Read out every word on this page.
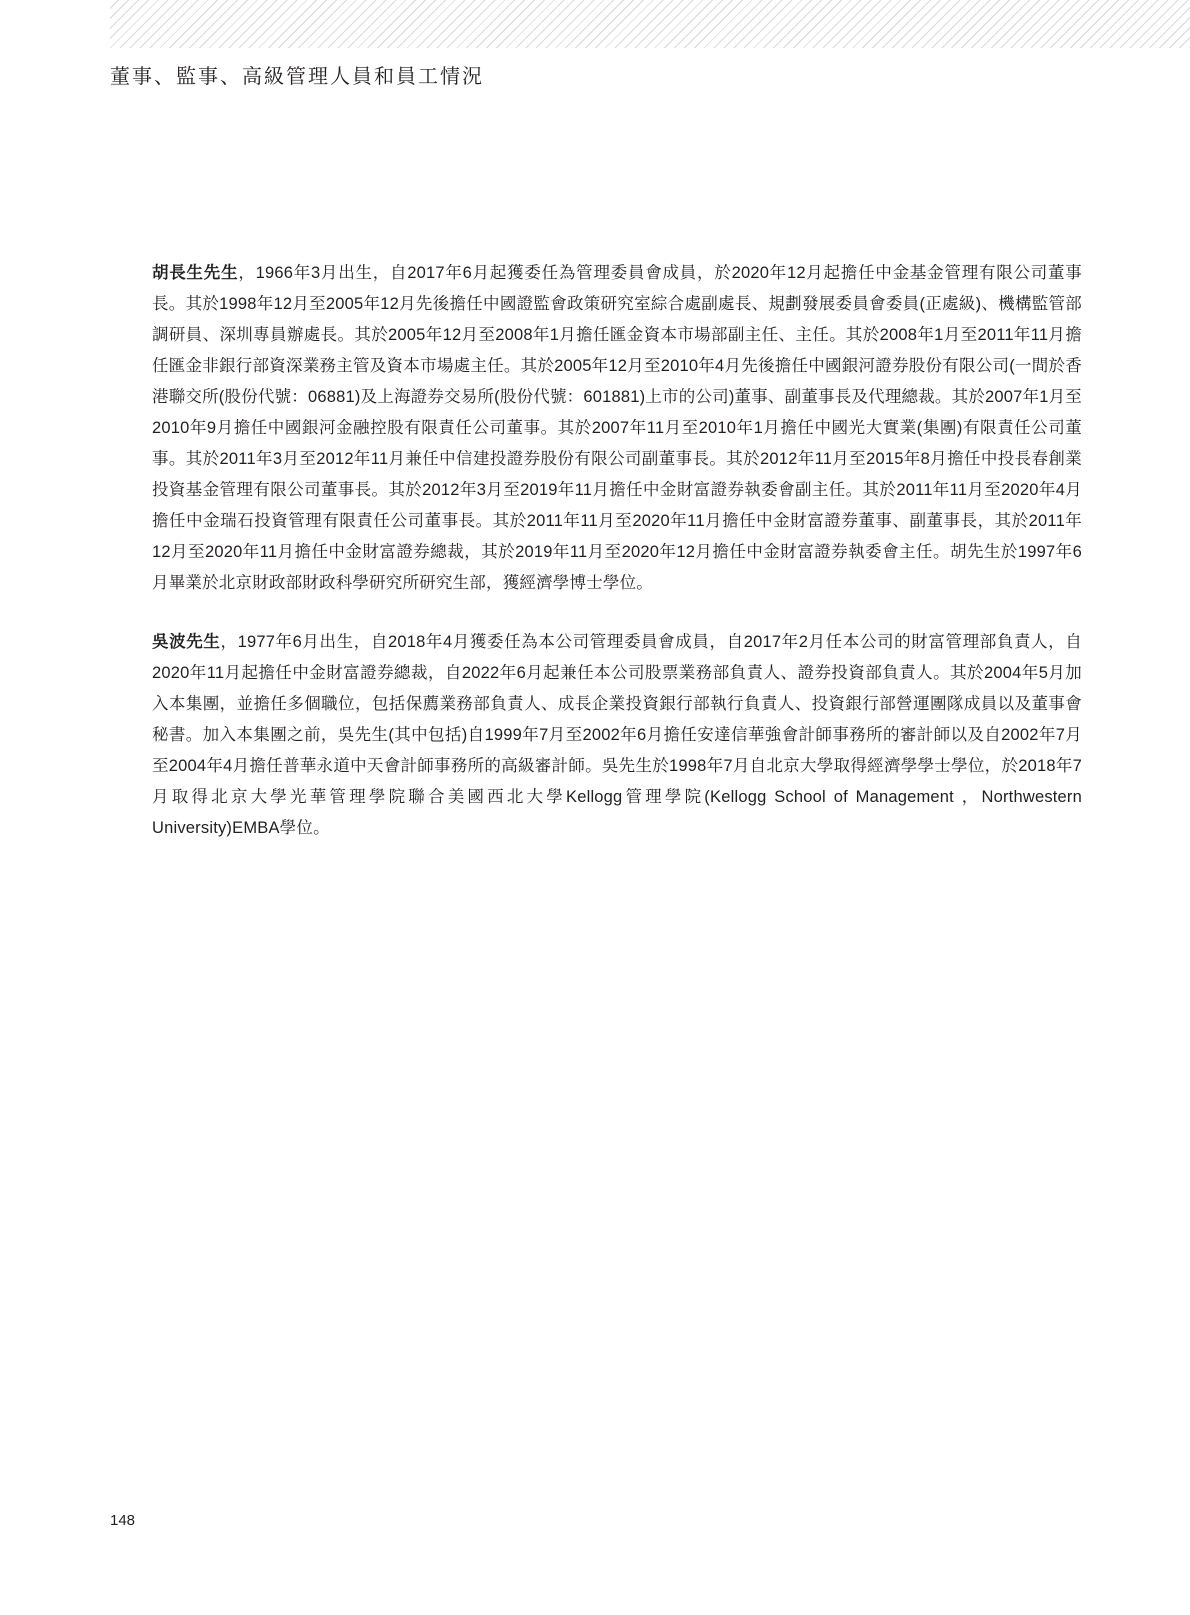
董事、監事、高級管理人員和員工情況

胡長生先生，1966年3月出生，自2017年6月起獲委任為管理委員會成員，於2020年12月起擔任中金基金管理有限公司董事長。其於1998年12月至2005年12月先後擔任中國證監會政策研究室綜合處副處長、規劃發展委員會委員(正處級)、機構監管部調研員、深圳專員辦處長。其於2005年12月至2008年1月擔任匯金資本市場部副主任、主任。其於2008年1月至2011年11月擔任匯金非銀行部資深業務主管及資本市場處主任。其於2005年12月至2010年4月先後擔任中國銀河證券股份有限公司(一間於香港聯交所(股份代號：06881)及上海證券交易所(股份代號：601881)上市的公司)董事、副董事長及代理總裁。其於2007年1月至2010年9月擔任中國銀河金融控股有限責任公司董事。其於2007年11月至2010年1月擔任中國光大實業(集團)有限責任公司董事。其於2011年3月至2012年11月兼任中信建投證券股份有限公司副董事長。其於2012年11月至2015年8月擔任中投長春創業投資基金管理有限公司董事長。其於2012年3月至2019年11月擔任中金財富證券執委會副主任。其於2011年11月至2020年4月擔任中金瑞石投資管理有限責任公司董事長。其於2011年11月至2020年11月擔任中金財富證券董事、副董事長，其於2011年12月至2020年11月擔任中金財富證券總裁，其於2019年11月至2020年12月擔任中金財富證券執委會主任。胡先生於1997年6月畢業於北京財政部財政科學研究所研究生部，獲經濟學博士學位。

吳波先生，1977年6月出生，自2018年4月獲委任為本公司管理委員會成員，自2017年2月任本公司的財富管理部負責人，自2020年11月起擔任中金財富證券總裁，自2022年6月起兼任本公司股票業務部負責人、證券投資部負責人。其於2004年5月加入本集團，並擔任多個職位，包括保薦業務部負責人、成長企業投資銀行部執行負責人、投資銀行部營運團隊成員以及董事會秘書。加入本集團之前，吳先生(其中包括)自1999年7月至2002年6月擔任安達信華強會計師事務所的審計師以及自2002年7月至2004年4月擔任普華永道中天會計師事務所的高級審計師。吳先生於1998年7月自北京大學取得經濟學學士學位，於2018年7月取得北京大學光華管理學院聯合美國西北大學Kellogg管理學院(Kellogg School of Management ，Northwestern University)EMBA學位。

148
